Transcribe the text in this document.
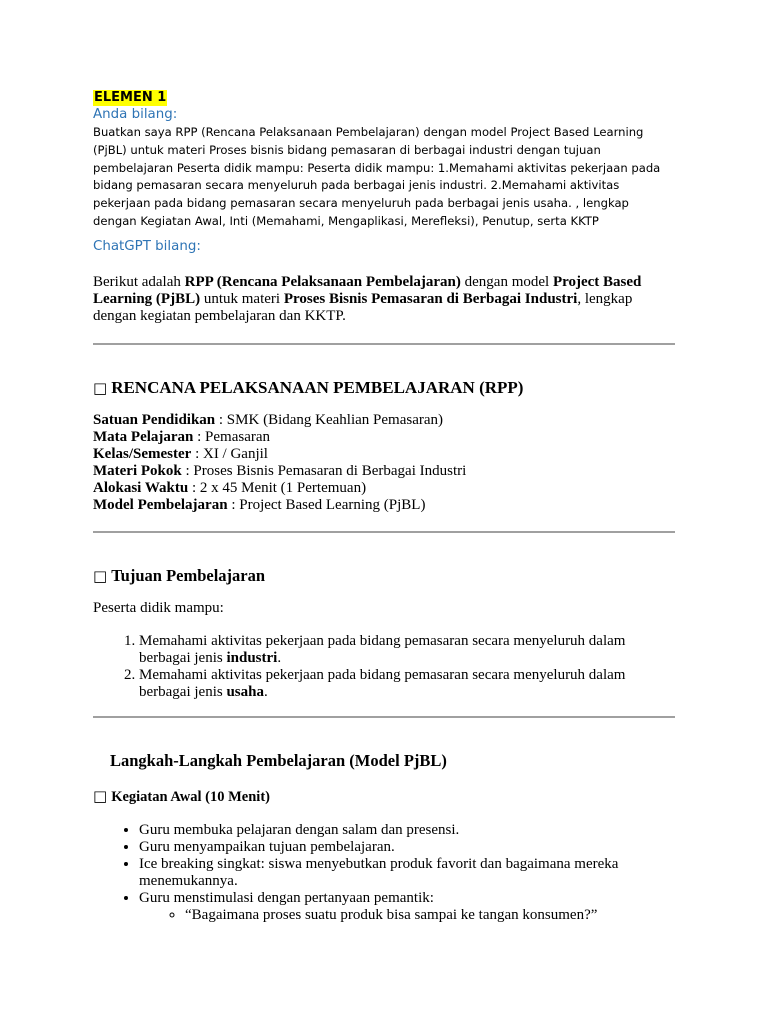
ELEMEN 1
Anda bilang:

Buatkan saya RPP (Rencana Pelaksanaan Pembelajaran) dengan model Project Based Learning (PjBL) untuk materi Proses bisnis bidang pemasaran di berbagai industri dengan tujuan pembelajaran Peserta didik mampu: Peserta didik mampu: 1.Memahami aktivitas pekerjaan pada bidang pemasaran secara menyeluruh pada berbagai jenis industri. 2.Memahami aktivitas pekerjaan pada bidang pemasaran secara menyeluruh pada berbagai jenis usaha. , lengkap dengan Kegiatan Awal, Inti (Memahami, Mengaplikasi, Merefleksi), Penutup, serta KKTP

ChatGPT bilang:

Berikut adalah RPP (Rencana Pelaksanaan Pembelajaran) dengan model Project Based Learning (PjBL) untuk materi Proses Bisnis Pemasaran di Berbagai Industri, lengkap dengan kegiatan pembelajaran dan KKTP.

□ RENCANA PELAKSANAAN PEMBELAJARAN (RPP)
Satuan Pendidikan : SMK (Bidang Keahlian Pemasaran)
Mata Pelajaran : Pemasaran
Kelas/Semester : XI / Ganjil
Materi Pokok : Proses Bisnis Pemasaran di Berbagai Industri
Alokasi Waktu : 2 x 45 Menit (1 Pertemuan)
Model Pembelajaran : Project Based Learning (PjBL)
□ Tujuan Pembelajaran

Peserta didik mampu:

1. Memahami aktivitas pekerjaan pada bidang pemasaran secara menyeluruh dalam berbagai jenis industri.
2. Memahami aktivitas pekerjaan pada bidang pemasaran secara menyeluruh dalam berbagai jenis usaha.
Langkah-Langkah Pembelajaran (Model PjBL)
□ Kegiatan Awal (10 Menit)
• Guru membuka pelajaran dengan salam dan presensi.
• Guru menyampaikan tujuan pembelajaran.
• Ice breaking singkat: siswa menyebutkan produk favorit dan bagaimana mereka menemukannya.
• Guru menstimulasi dengan pertanyaan pemantik:
◦ “Bagaimana proses suatu produk bisa sampai ke tangan konsumen?”
